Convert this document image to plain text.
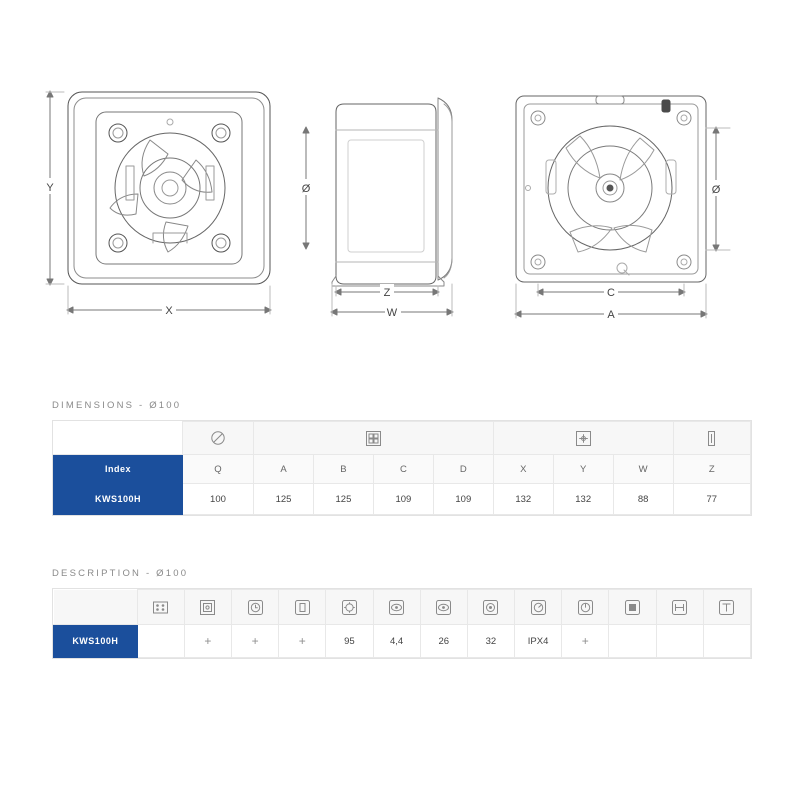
Y
X
Ø
Z
W
Ø
C
A
DIMENSIONS - Ø100

Index	Q	A	B	C	D	X	Y	W	Z
KWS100H	100	125	125	109	109	132	132	88	77
DESCRIPTION - Ø100

KWS100H		+	+	+	95	4,4	26	32	IPX4	+			
